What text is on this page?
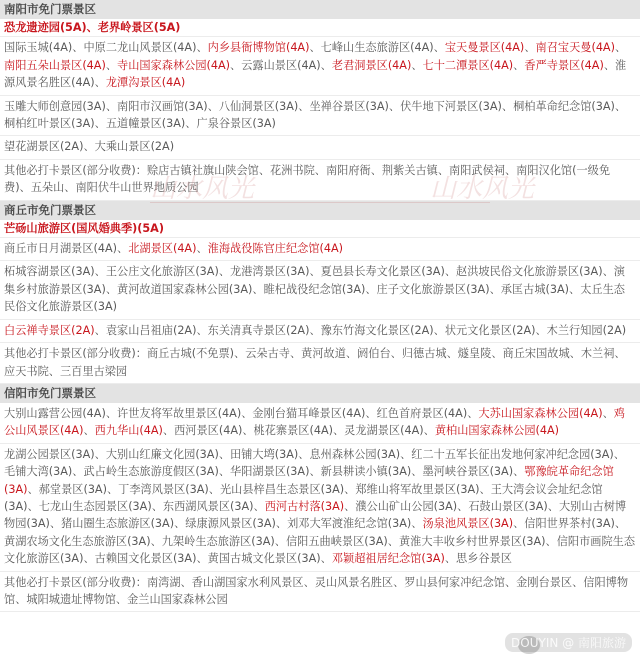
南阳市免门票景区
恐龙遗迹园(5A)、老界岭景区(5A)
国际玉城(4A)、中原二龙山风景区(4A)、内乡县衙博物馆(4A)、七峰山生态旅游区(4A)、宝天曼景区(4A)、南召宝天曼(4A)、南阳五朵山景区(4A)、寺山国家森林公园(4A)、云露山景区(4A)、老君洞景区(4A)、七十二潭景区(4A)、香严寺景区(4A)、淮源风景名胜区(4A)、龙潭沟景区(4A)
玉雕大师创意园(3A)、南阳市汉画馆(3A)、八仙洞景区(3A)、坐禅谷景区(3A)、伏牛地下河景区(3A)、桐柏革命纪念馆(3A)、桐柏红叶景区(3A)、五道幢景区(3A)、广泉谷景区(3A)
望花湖景区(2A)、大乘山景区(2A)
其他必打卡景区(部分收费)：赊店古镇社旗山陕会馆、花洲书院、南阳府衙、荆紫关古镇、南阳武侯祠、南阳汉化馆(一级免费)、五朵山、南阳伏牛山世界地质公园
商丘市免门票景区
芒砀山旅游区(国风婚典季)(5A)
商丘市日月湖景区(4A)、北湖景区(4A)、淮海战役陈官庄纪念馆(4A)
柘城容湖景区(3A)、王公庄文化旅游区(3A)、龙港湾景区(3A)、夏邑县长寿文化景区(3A)、赵洪坡民俗文化旅游景区(3A)、演集乡村旅游景区(3A)、黄河故道国家森林公园(3A)、睢杞战役纪念馆(3A)、庄子文化旅游景区(3A)、承匡古城(3A)、太丘生态民俗文化旅游景区(3A)
白云禅寺景区(2A)、袁家山吕祖庙(2A)、东关清真寺景区(2A)、豫东竹海文化景区(2A)、状元文化景区(2A)、木兰行知园(2A)
其他必打卡景区(部分收费)：商丘古城(不免票)、云朵古寺、黄河故道、阏伯台、归德古城、燧皇陵、商丘宋国故城、木兰祠、应天书院、三百里古梁园
信阳市免门票景区
大别山露营公园(4A)、许世友将军故里景区(4A)、金刚台猫耳峰景区(4A)、红色首府景区(4A)、大苏山国家森林公园(4A)、鸡公山风景区(4A)、西九华山(4A)、西河景区(4A)、桃花寨景区(4A)、灵龙湖景区(4A)、黄柏山国家森林公园(4A)
龙湖公园景区(3A)、大别山红廉文化园(3A)、田铺大塆(3A)、息州森林公园(3A)、红二十五军长征出发地何家冲纪念园(3A)、毛铺大湾(3A)、武占岭生态旅游度假区(3A)、华阳湖景区(3A)、新县耕读小镇(3A)、墨河峡谷景区(3A)、鄂豫皖革命纪念馆(3A)、郝堂景区(3A)、丁李湾风景区(3A)、光山县梓昌生态景区(3A)、郑维山将军故里景区(3A)、王大湾会议会址纪念馆(3A)、七龙山生态园景区(3A)、东西湖风景区(3A)、西河古村落(3A)、濮公山矿山公园(3A)、石鼓山景区(3A)、大别山古树博物园(3A)、猪山圈生态旅游区(3A)、绿康源风景区(3A)、刘邓大军渡淮纪念馆(3A)、汤泉池风景区(3A)、信阳世界茶村(3A)、黄湖农场文化生态旅游区(3A)、九架岭生态旅游区(3A)、信阳五曲峡景区(3A)、黄淮大丰收乡村世界景区(3A)、信阳市画院生态文化旅游区(3A)、古赖国文化景区(3A)、黄国古城文化景区(3A)、邓颖超祖居纪念馆(3A)、思乡谷景区
其他必打卡景区(部分收费)：南湾湖、香山湖国家水利风景区、灵山风景名胜区、罗山县何家冲纪念馆、金刚台景区、信阳博物馆、城阳城遗址博物馆、金兰山国家森林公园
山水风光	山水风光
DOUYIN @ 南阳旅游
